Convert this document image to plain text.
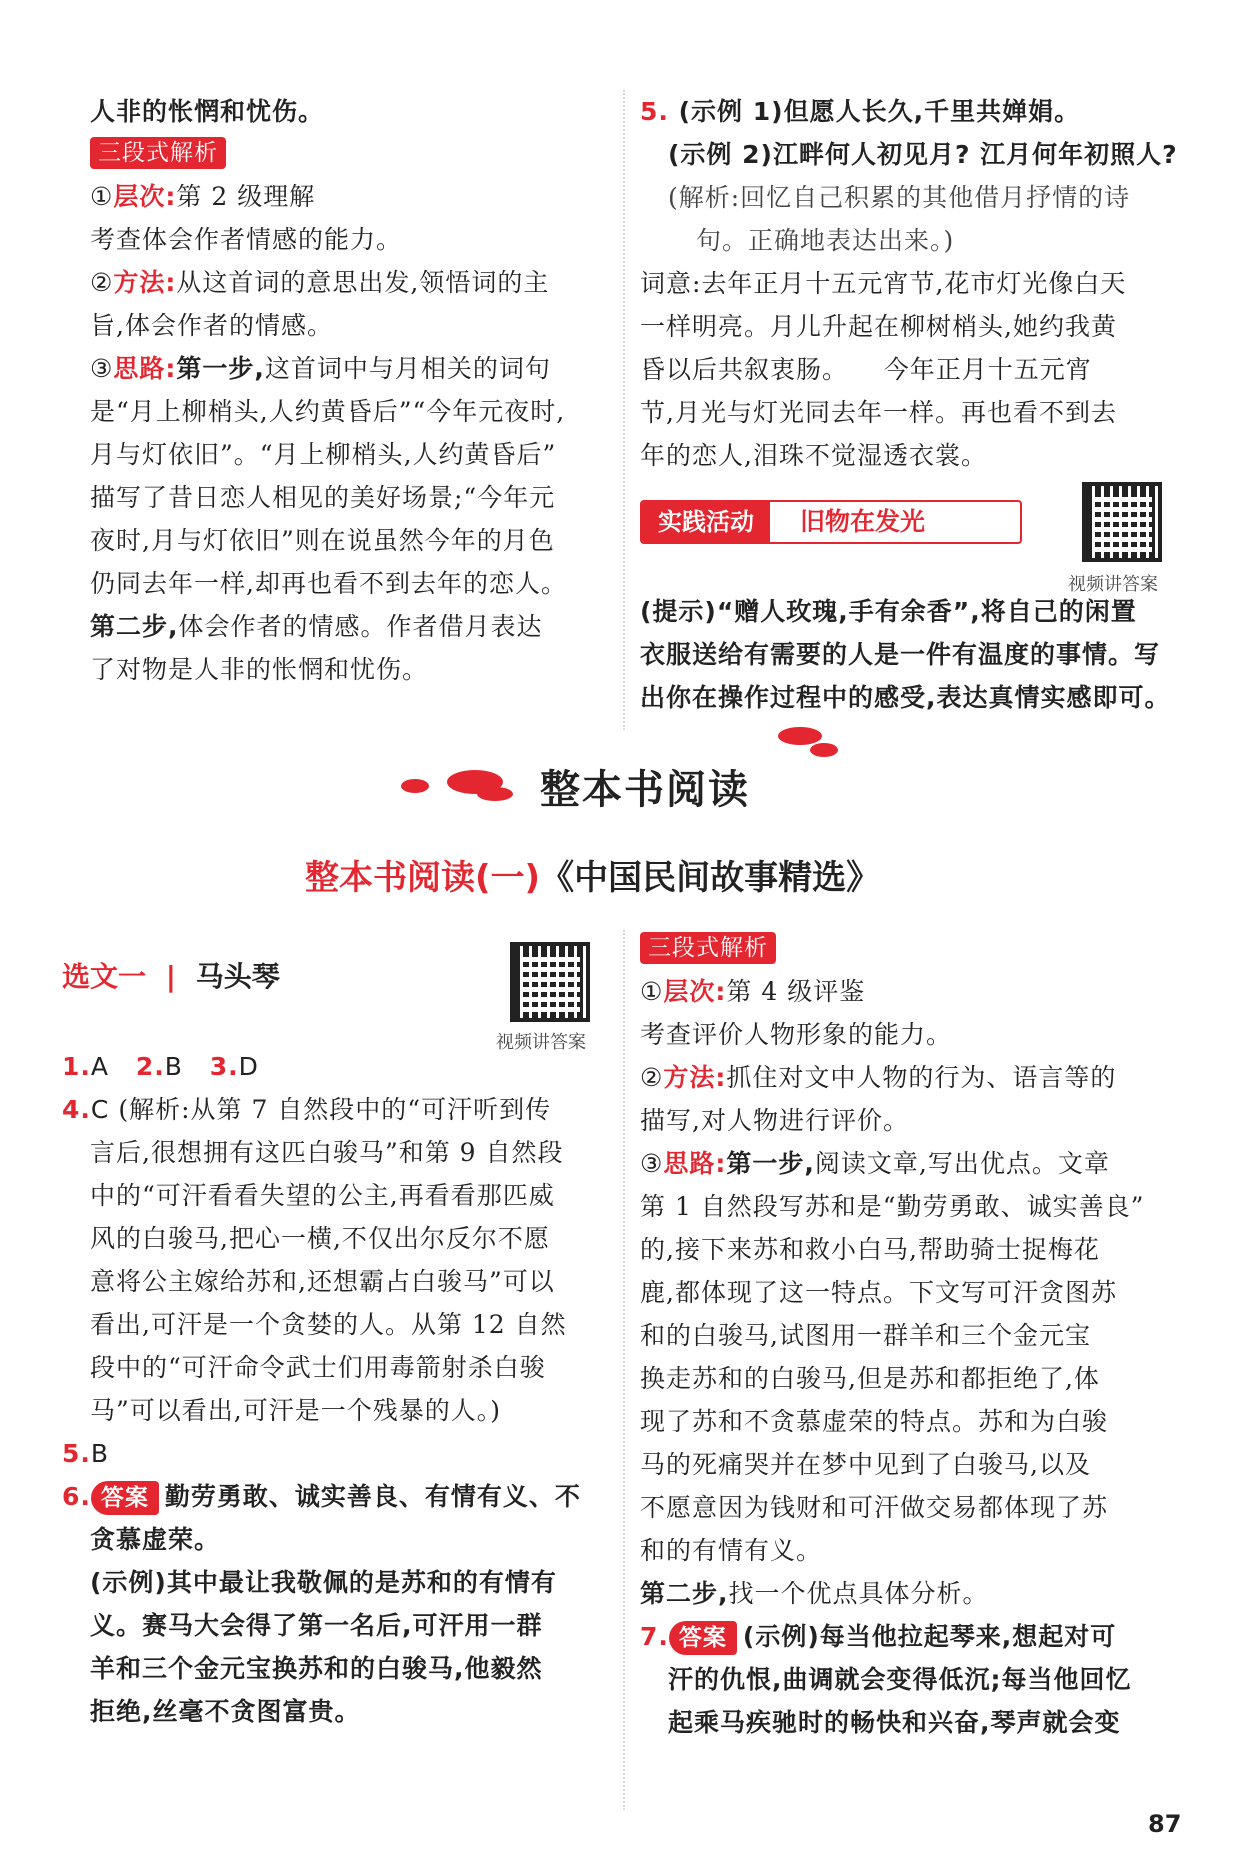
人非的怅惘和忧伤。

三段式解析

①层次:第 2 级理解

考查体会作者情感的能力。

②方法:从这首词的意思出发,领悟词的主

旨,体会作者的情感。

③思路:第一步,这首词中与月相关的词句

是“月上柳梢头,人约黄昏后”“今年元夜时,

月与灯依旧”。“月上柳梢头,人约黄昏后”

描写了昔日恋人相见的美好场景;“今年元

夜时,月与灯依旧”则在说虽然今年的月色

仍同去年一样,却再也看不到去年的恋人。

第二步,体会作者的情感。作者借月表达

了对物是人非的怅惘和忧伤。

5. (示例 1)但愿人长久,千里共婵娟。

(示例 2)江畔何人初见月? 江月何年初照人?

(解析:回忆自己积累的其他借月抒情的诗

句。正确地表达出来。)

词意:去年正月十五元宵节,花市灯光像白天

一样明亮。月儿升起在柳树梢头,她约我黄

昏以后共叙衷肠。    今年正月十五元宵

节,月光与灯光同去年一样。再也看不到去

年的恋人,泪珠不觉湿透衣裳。

实践活动	旧物在发光
视频讲答案

(提示)“赠人玫瑰,手有余香”,将自己的闲置

衣服送给有需要的人是一件有温度的事情。写

出你在操作过程中的感受,表达真情实感即可。

整本书阅读
整本书阅读(一)《中国民间故事精选》
选文一 | 马头琴
视频讲答案

1.A 2.B 3.D

4.C (解析:从第 7 自然段中的“可汗听到传

言后,很想拥有这匹白骏马”和第 9 自然段

中的“可汗看看失望的公主,再看看那匹威

风的白骏马,把心一横,不仅出尔反尔不愿

意将公主嫁给苏和,还想霸占白骏马”可以

看出,可汗是一个贪婪的人。从第 12 自然

段中的“可汗命令武士们用毒箭射杀白骏

马”可以看出,可汗是一个残暴的人。)

5.B

6. 答案 勤劳勇敢、诚实善良、有情有义、不

贪慕虚荣。

(示例)其中最让我敬佩的是苏和的有情有

义。赛马大会得了第一名后,可汗用一群

羊和三个金元宝换苏和的白骏马,他毅然

拒绝,丝毫不贪图富贵。

三段式解析

①层次:第 4 级评鉴

考查评价人物形象的能力。

②方法:抓住对文中人物的行为、语言等的

描写,对人物进行评价。

③思路:第一步,阅读文章,写出优点。文章

第 1 自然段写苏和是“勤劳勇敢、诚实善良”

的,接下来苏和救小白马,帮助骑士捉梅花

鹿,都体现了这一特点。下文写可汗贪图苏

和的白骏马,试图用一群羊和三个金元宝

换走苏和的白骏马,但是苏和都拒绝了,体

现了苏和不贪慕虚荣的特点。苏和为白骏

马的死痛哭并在梦中见到了白骏马,以及

不愿意因为钱财和可汗做交易都体现了苏

和的有情有义。

第二步,找一个优点具体分析。

7. 答案 (示例)每当他拉起琴来,想起对可

汗的仇恨,曲调就会变得低沉;每当他回忆

起乘马疾驰时的畅快和兴奋,琴声就会变

87
